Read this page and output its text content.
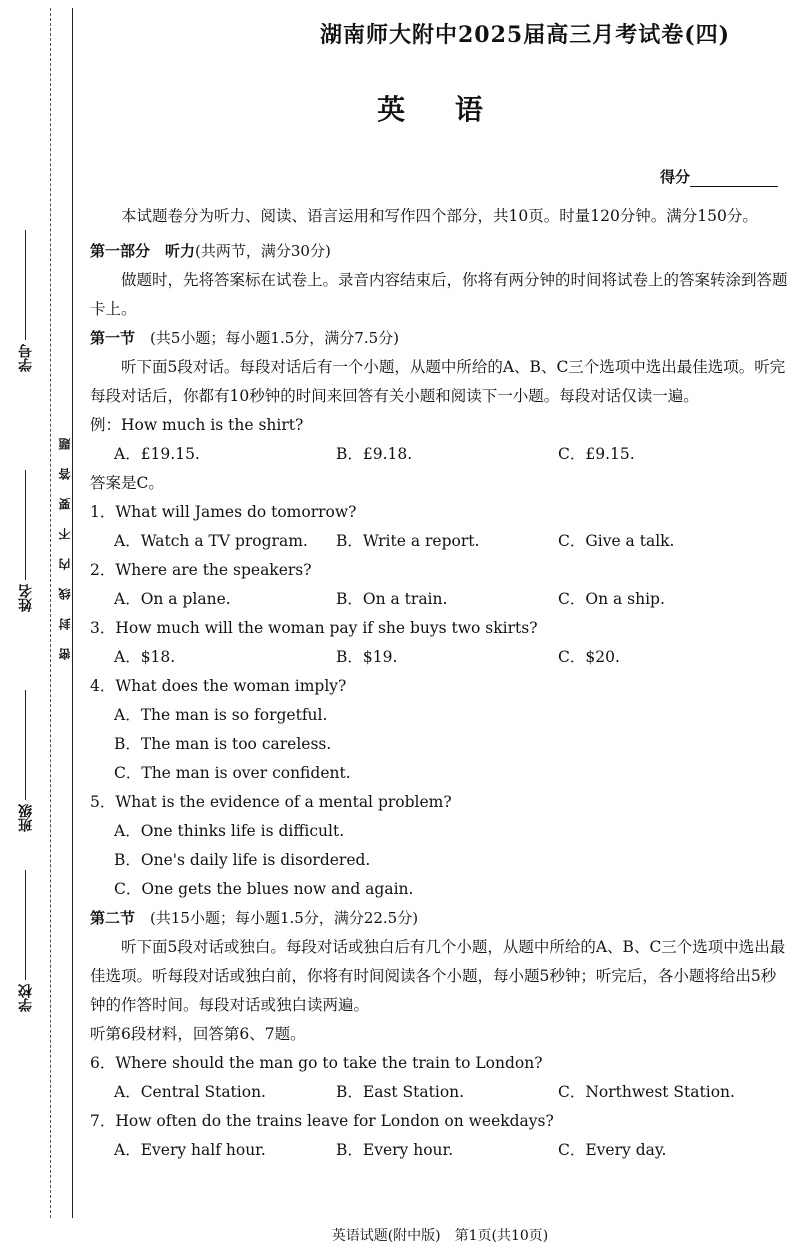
学号
姓名
班级
学校
密封线内不要答题
湖南师大附中2025届高三月考试卷(四)
英 语
得分

本试题卷分为听力、阅读、语言运用和写作四个部分，共10页。时量120分钟。满分150分。

第一部分　听力(共两节，满分30分)

做题时，先将答案标在试卷上。录音内容结束后，你将有两分钟的时间将试卷上的答案转涂到答题卡上。

第一节　 (共5小题；每小题1.5分，满分7.5分)

听下面5段对话。每段对话后有一个小题，从题中所给的A、B、C三个选项中选出最佳选项。听完每段对话后，你都有10秒钟的时间来回答有关小题和阅读下一小题。每段对话仅读一遍。

例：How much is the shirt?

A．£19.15.	B．£9.18.	C．£9.15.

答案是C。

1．What will James do tomorrow?

A．Watch a TV program.	B．Write a report.	C．Give a talk.

2．Where are the speakers?

A．On a plane.	B．On a train.	C．On a ship.

3．How much will the woman pay if she buys two skirts?

A．$18.	B．$19.	C．$20.

4．What does the woman imply?

A．The man is so forgetful.

B．The man is too careless.

C．The man is over confident.

5．What is the evidence of a mental problem?

A．One thinks life is difficult.

B．One's daily life is disordered.

C．One gets the blues now and again.

第二节　 (共15小题；每小题1.5分，满分22.5分)

听下面5段对话或独白。每段对话或独白后有几个小题，从题中所给的A、B、C三个选项中选出最佳选项。听每段对话或独白前，你将有时间阅读各个小题，每小题5秒钟；听完后，各小题将给出5秒钟的作答时间。每段对话或独白读两遍。

听第6段材料，回答第6、7题。

6．Where should the man go to take the train to London?

A．Central Station.	B．East Station.	C．Northwest Station.

7．How often do the trains leave for London on weekdays?

A．Every half hour.	B．Every hour.	C．Every day.
英语试题(附中版)　第1页(共10页)
